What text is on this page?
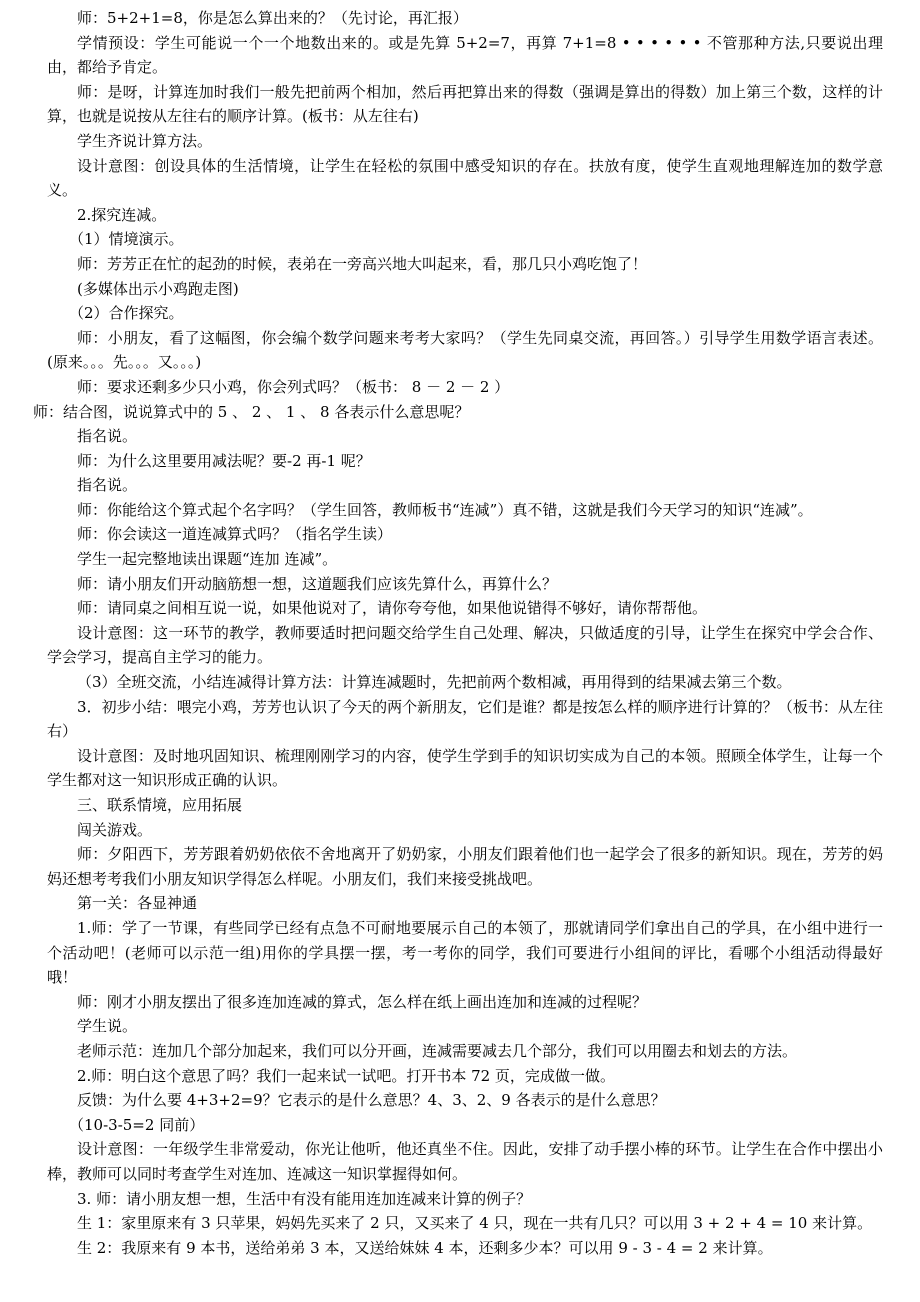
师：5+2+1=8，你是怎么算出来的？（先讨论，再汇报）

学情预设：学生可能说一个一个地数出来的。或是先算 5+2=7，再算 7+1=8 • • • • • • 不管那种方法,只要说出理由，都给予肯定。

师：是呀，计算连加时我们一般先把前两个相加，然后再把算出来的得数（强调是算出的得数）加上第三个数，这样的计算，也就是说按从左往右的顺序计算。(板书：从左往右)

学生齐说计算方法。

设计意图：创设具体的生活情境，让学生在轻松的氛围中感受知识的存在。扶放有度，使学生直观地理解连加的数学意义。

2.探究连减。

（1）情境演示。

师：芳芳正在忙的起劲的时候，表弟在一旁高兴地大叫起来，看，那几只小鸡吃饱了！

(多媒体出示小鸡跑走图)

（2）合作探究。

师：小朋友，看了这幅图，你会编个数学问题来考考大家吗？（学生先同桌交流，再回答。）引导学生用数学语言表述。(原来。。。先。。。又。。。)

师：要求还剩多少只小鸡，你会列式吗？（板书： 8 － 2 － 2 ）

师：结合图，说说算式中的 5 、 2 、 1 、 8 各表示什么意思呢？

指名说。

师：为什么这里要用减法呢？要-2 再-1 呢？

指名说。

师：你能给这个算式起个名字吗？（学生回答，教师板书“连减”）真不错，这就是我们今天学习的知识“连减”。

师：你会读这一道连减算式吗？（指名学生读）

学生一起完整地读出课题“连加 连减”。

师：请小朋友们开动脑筋想一想，这道题我们应该先算什么，再算什么？

师：请同桌之间相互说一说，如果他说对了，请你夸夸他，如果他说错得不够好，请你帮帮他。

设计意图：这一环节的教学，教师要适时把问题交给学生自己处理、解决，只做适度的引导，让学生在探究中学会合作、学会学习，提高自主学习的能力。

（3）全班交流，小结连减得计算方法：计算连减题时，先把前两个数相减，再用得到的结果减去第三个数。

3．初步小结：喂完小鸡，芳芳也认识了今天的两个新朋友，它们是谁？都是按怎么样的顺序进行计算的？（板书：从左往右）

设计意图：及时地巩固知识、梳理刚刚学习的内容，使学生学到手的知识切实成为自己的本领。照顾全体学生，让每一个学生都对这一知识形成正确的认识。

三、联系情境，应用拓展

闯关游戏。

师：夕阳西下，芳芳跟着奶奶依依不舍地离开了奶奶家，小朋友们跟着他们也一起学会了很多的新知识。现在，芳芳的妈妈还想考考我们小朋友知识学得怎么样呢。小朋友们，我们来接受挑战吧。

第一关：各显神通

1.师：学了一节课，有些同学已经有点急不可耐地要展示自己的本领了，那就请同学们拿出自己的学具，在小组中进行一个活动吧！(老师可以示范一组)用你的学具摆一摆，考一考你的同学，我们可要进行小组间的评比，看哪个小组活动得最好哦！

师：刚才小朋友摆出了很多连加连减的算式，怎么样在纸上画出连加和连减的过程呢？

学生说。

老师示范：连加几个部分加起来，我们可以分开画，连减需要减去几个部分，我们可以用圈去和划去的方法。

2.师：明白这个意思了吗？我们一起来试一试吧。打开书本 72 页，完成做一做。

反馈：为什么要 4+3+2=9？它表示的是什么意思？4、3、2、9 各表示的是什么意思？

（10-3-5=2 同前）

设计意图：一年级学生非常爱动，你光让他听，他还真坐不住。因此，安排了动手摆小棒的环节。让学生在合作中摆出小棒，教师可以同时考查学生对连加、连减这一知识掌握得如何。

3. 师：请小朋友想一想，生活中有没有能用连加连减来计算的例子？

生 1：家里原来有 3 只苹果，妈妈先买来了 2 只，又买来了 4 只，现在一共有几只？可以用 3 + 2 + 4 = 10 来计算。

生 2：我原来有 9 本书，送给弟弟 3 本，又送给妹妹 4 本，还剩多少本？可以用 9 - 3 - 4 = 2 来计算。
